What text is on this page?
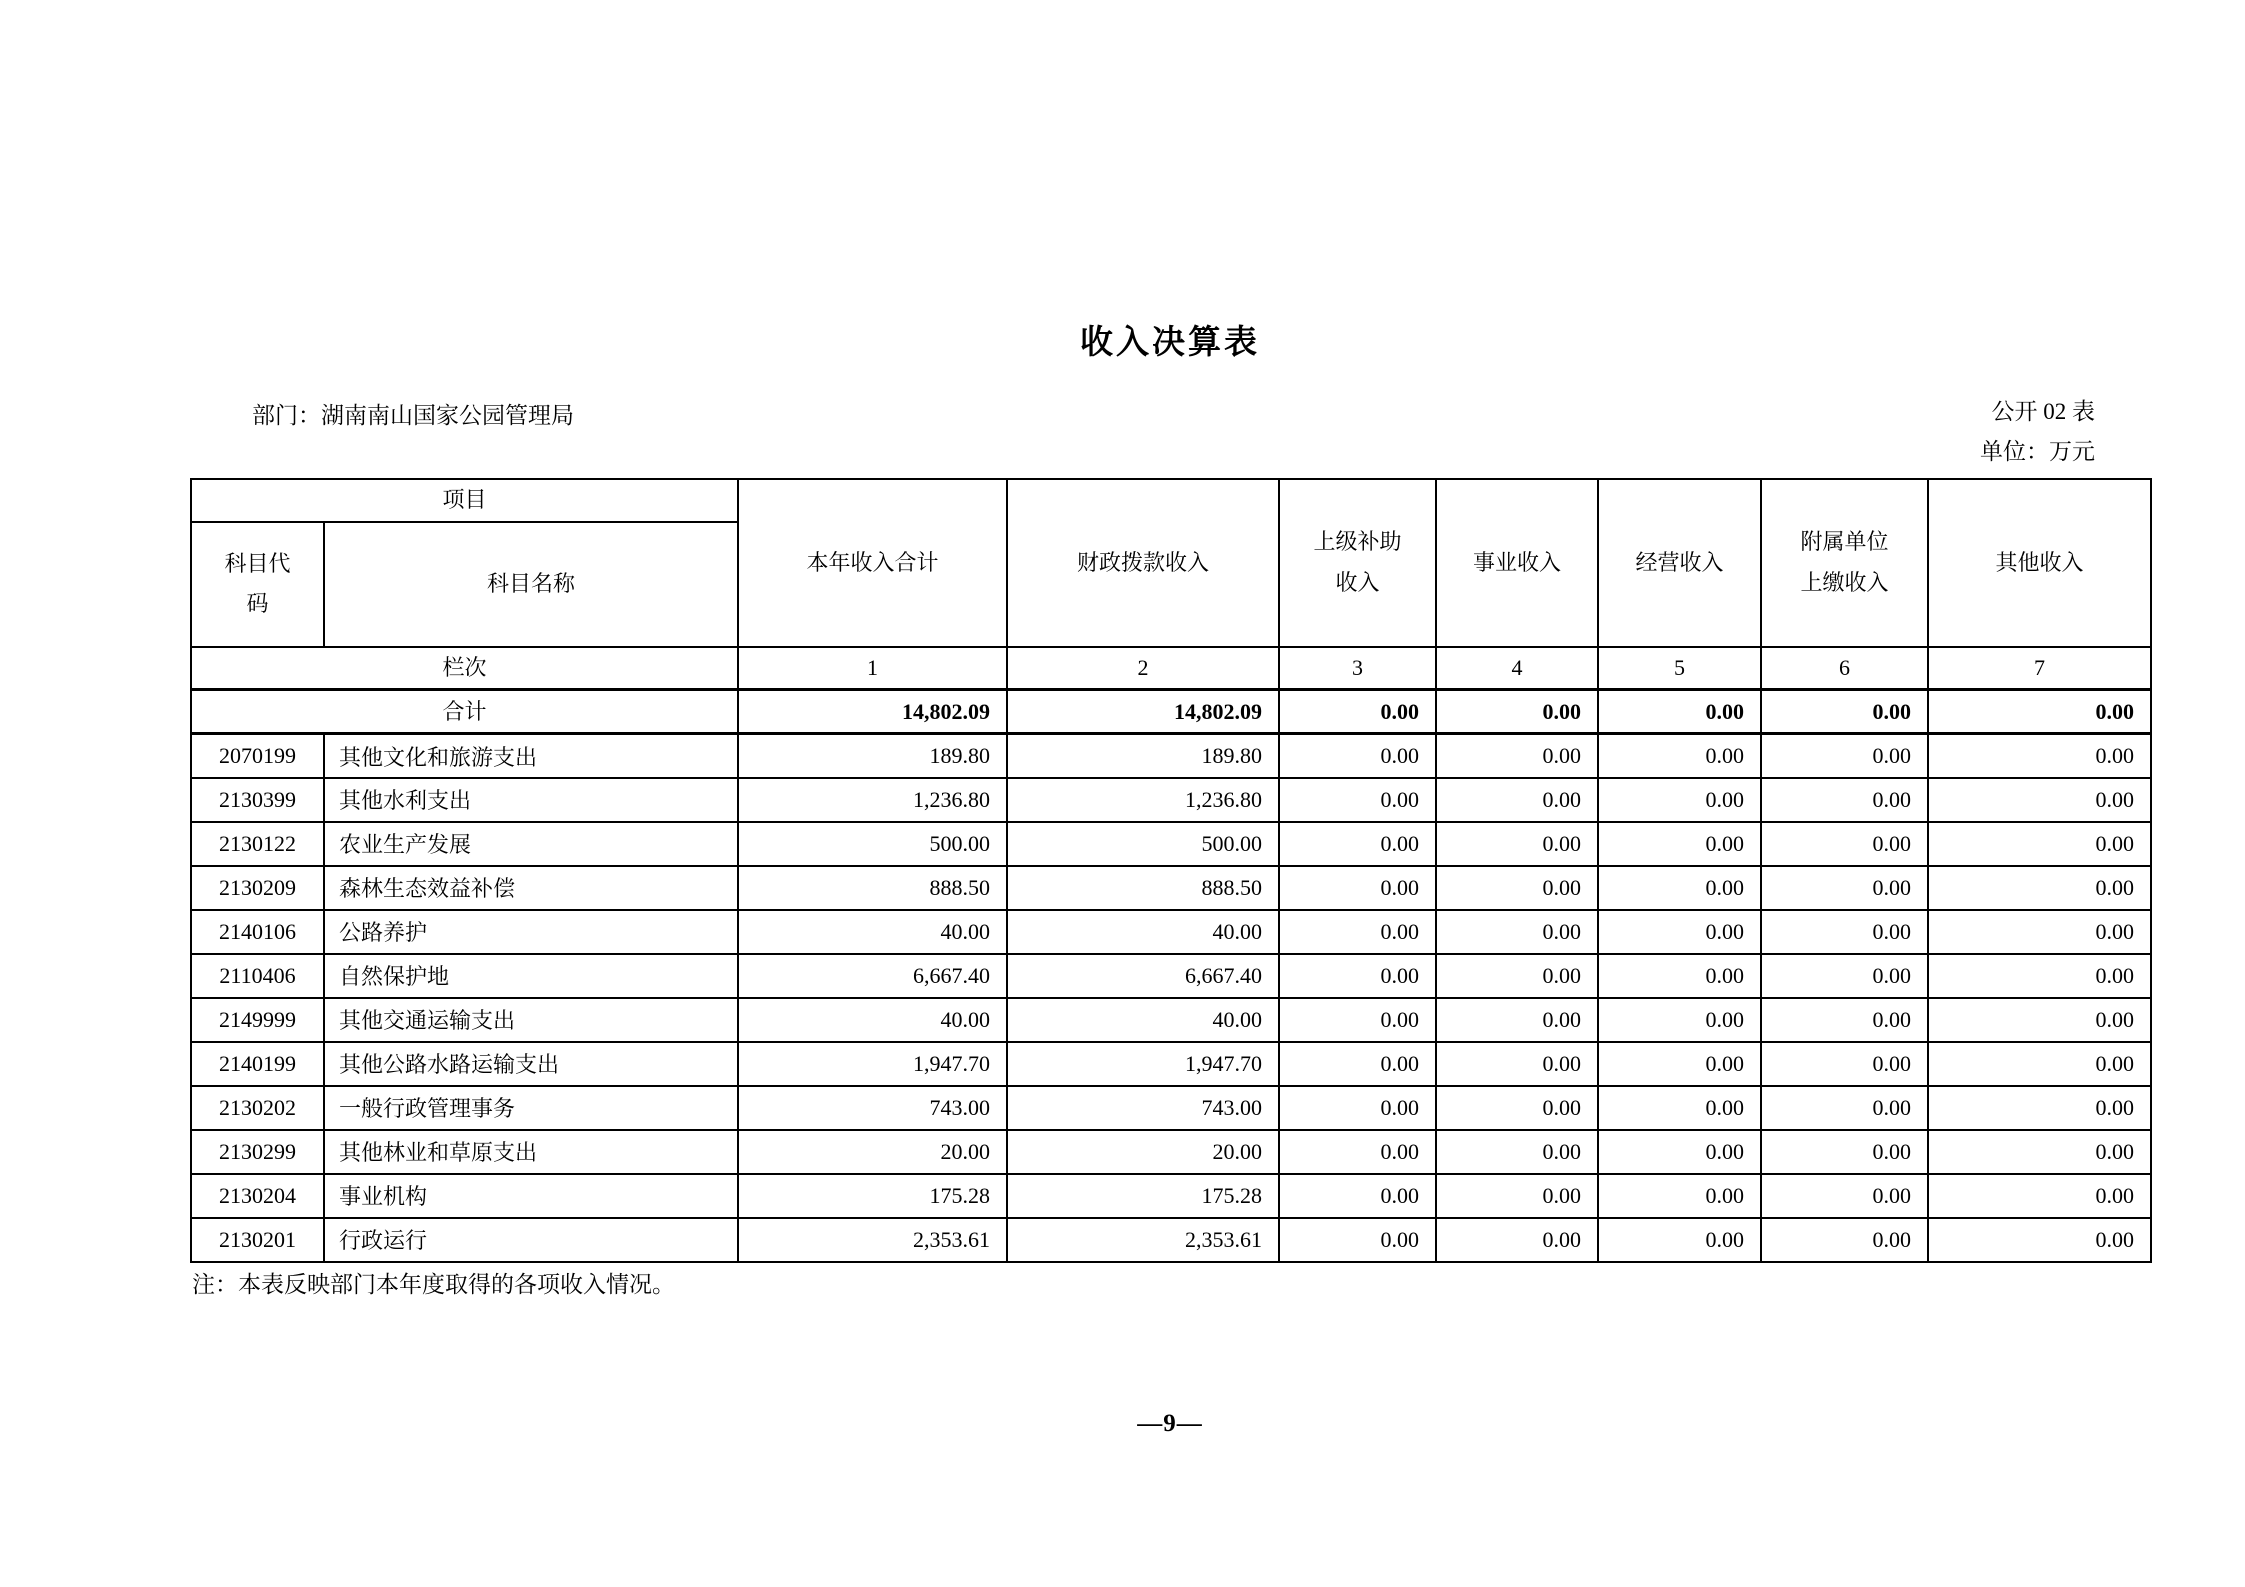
收入决算表
部门：湖南南山国家公园管理局	公开 02 表
单位：万元
项目		本年收入合计	财政拨款收入	上级补助收入	事业收入	经营收入	附属单位上缴收入	其他收入
科目代码	科目名称							
栏次		1	2	3	4	5	6	7
合计		14,802.09	14,802.09	0.00	0.00	0.00	0.00	0.00
2070199	其他文化和旅游支出	189.80	189.80	0.00	0.00	0.00	0.00	0.00
2130399	其他水利支出	1,236.80	1,236.80	0.00	0.00	0.00	0.00	0.00
2130122	农业生产发展	500.00	500.00	0.00	0.00	0.00	0.00	0.00
2130209	森林生态效益补偿	888.50	888.50	0.00	0.00	0.00	0.00	0.00
2140106	公路养护	40.00	40.00	0.00	0.00	0.00	0.00	0.00
2110406	自然保护地	6,667.40	6,667.40	0.00	0.00	0.00	0.00	0.00
2149999	其他交通运输支出	40.00	40.00	0.00	0.00	0.00	0.00	0.00
2140199	其他公路水路运输支出	1,947.70	1,947.70	0.00	0.00	0.00	0.00	0.00
2130202	一般行政管理事务	743.00	743.00	0.00	0.00	0.00	0.00	0.00
2130299	其他林业和草原支出	20.00	20.00	0.00	0.00	0.00	0.00	0.00
2130204	事业机构	175.28	175.28	0.00	0.00	0.00	0.00	0.00
2130201	行政运行	2,353.61	2,353.61	0.00	0.00	0.00	0.00	0.00
注：本表反映部门本年度取得的各项收入情况。
—9—
